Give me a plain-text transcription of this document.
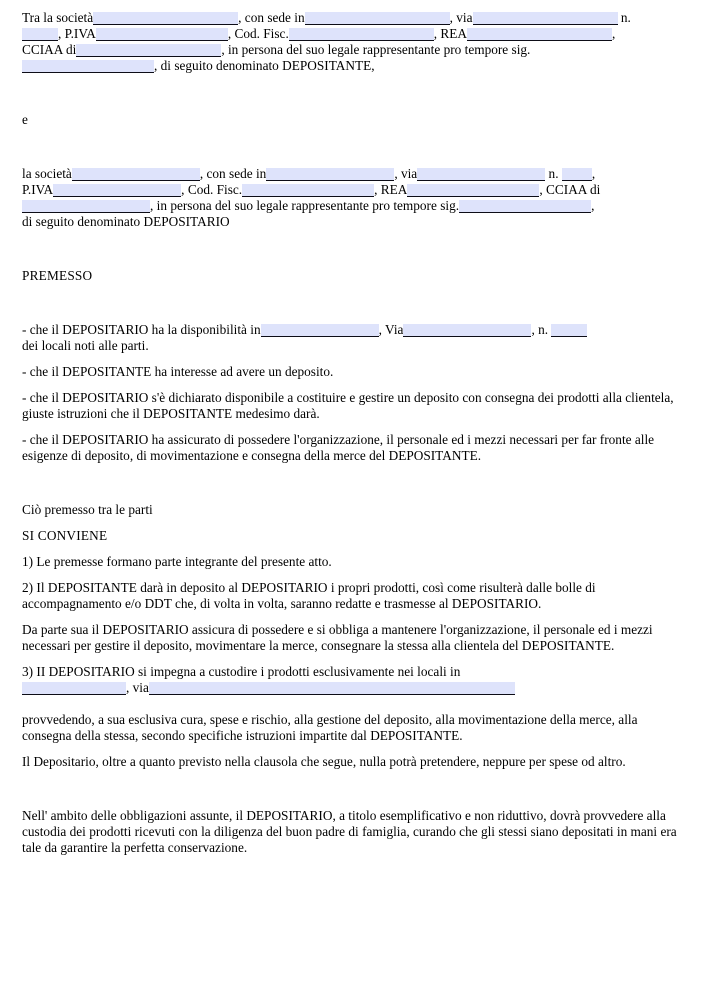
Tra la società	, con sede in	, via	n.
, P.IVA	, Cod. Fisc.	, REA	,
CCIAA di	, in persona del suo legale rappresentante pro tempore sig.
, di seguito denominato DEPOSITANTE,

e

la società	, con sede in	, via	n.	,
P.IVA	, Cod. Fisc.	, REA	, CCIAA di
, in persona del suo legale rappresentante pro tempore sig.	,
di seguito denominato DEPOSITARIO

PREMESSO

- che il DEPOSITARIO ha la disponibilità in	, Via	, n.
dei locali noti alle parti.

- che il DEPOSITANTE ha interesse ad avere un deposito.

- che il DEPOSITARIO s'è dichiarato disponibile a costituire e gestire un deposito con consegna dei prodotti alla clientela, giuste istruzioni che il DEPOSITANTE medesimo darà.

- che il DEPOSITARIO ha assicurato di possedere l'organizzazione, il personale ed i mezzi necessari per far fronte alle esigenze di deposito, di movimentazione e consegna della merce del DEPOSITANTE.

Ciò premesso tra le parti

SI CONVIENE

1) Le premesse formano parte integrante del presente atto.

2) Il DEPOSITANTE darà in deposito al DEPOSITARIO i propri prodotti, così come risulterà dalle bolle di accompagnamento e/o DDT che, di volta in volta, saranno redatte e trasmesse al DEPOSITARIO.

Da parte sua il DEPOSITARIO assicura di possedere e si obbliga a mantenere l'organizzazione, il personale ed i mezzi necessari per gestire il deposito, movimentare la merce, consegnare la stessa alla clientela del DEPOSITANTE.

3) II DEPOSITARIO si impegna a custodire i prodotti esclusivamente nei locali in
, via

provvedendo, a sua esclusiva cura, spese e rischio, alla gestione del deposito, alla movimentazione della merce, alla consegna della stessa, secondo specifiche istruzioni impartite dal DEPOSITANTE.

Il Depositario, oltre a quanto previsto nella clausola che segue, nulla potrà pretendere, neppure per spese od altro.

Nell' ambito delle obbligazioni assunte, il DEPOSITARIO, a titolo esemplificativo e non riduttivo, dovrà provvedere alla custodia dei prodotti ricevuti con la diligenza del buon padre di famiglia, curando che gli stessi siano depositati in mani era tale da garantire la perfetta conservazione.
